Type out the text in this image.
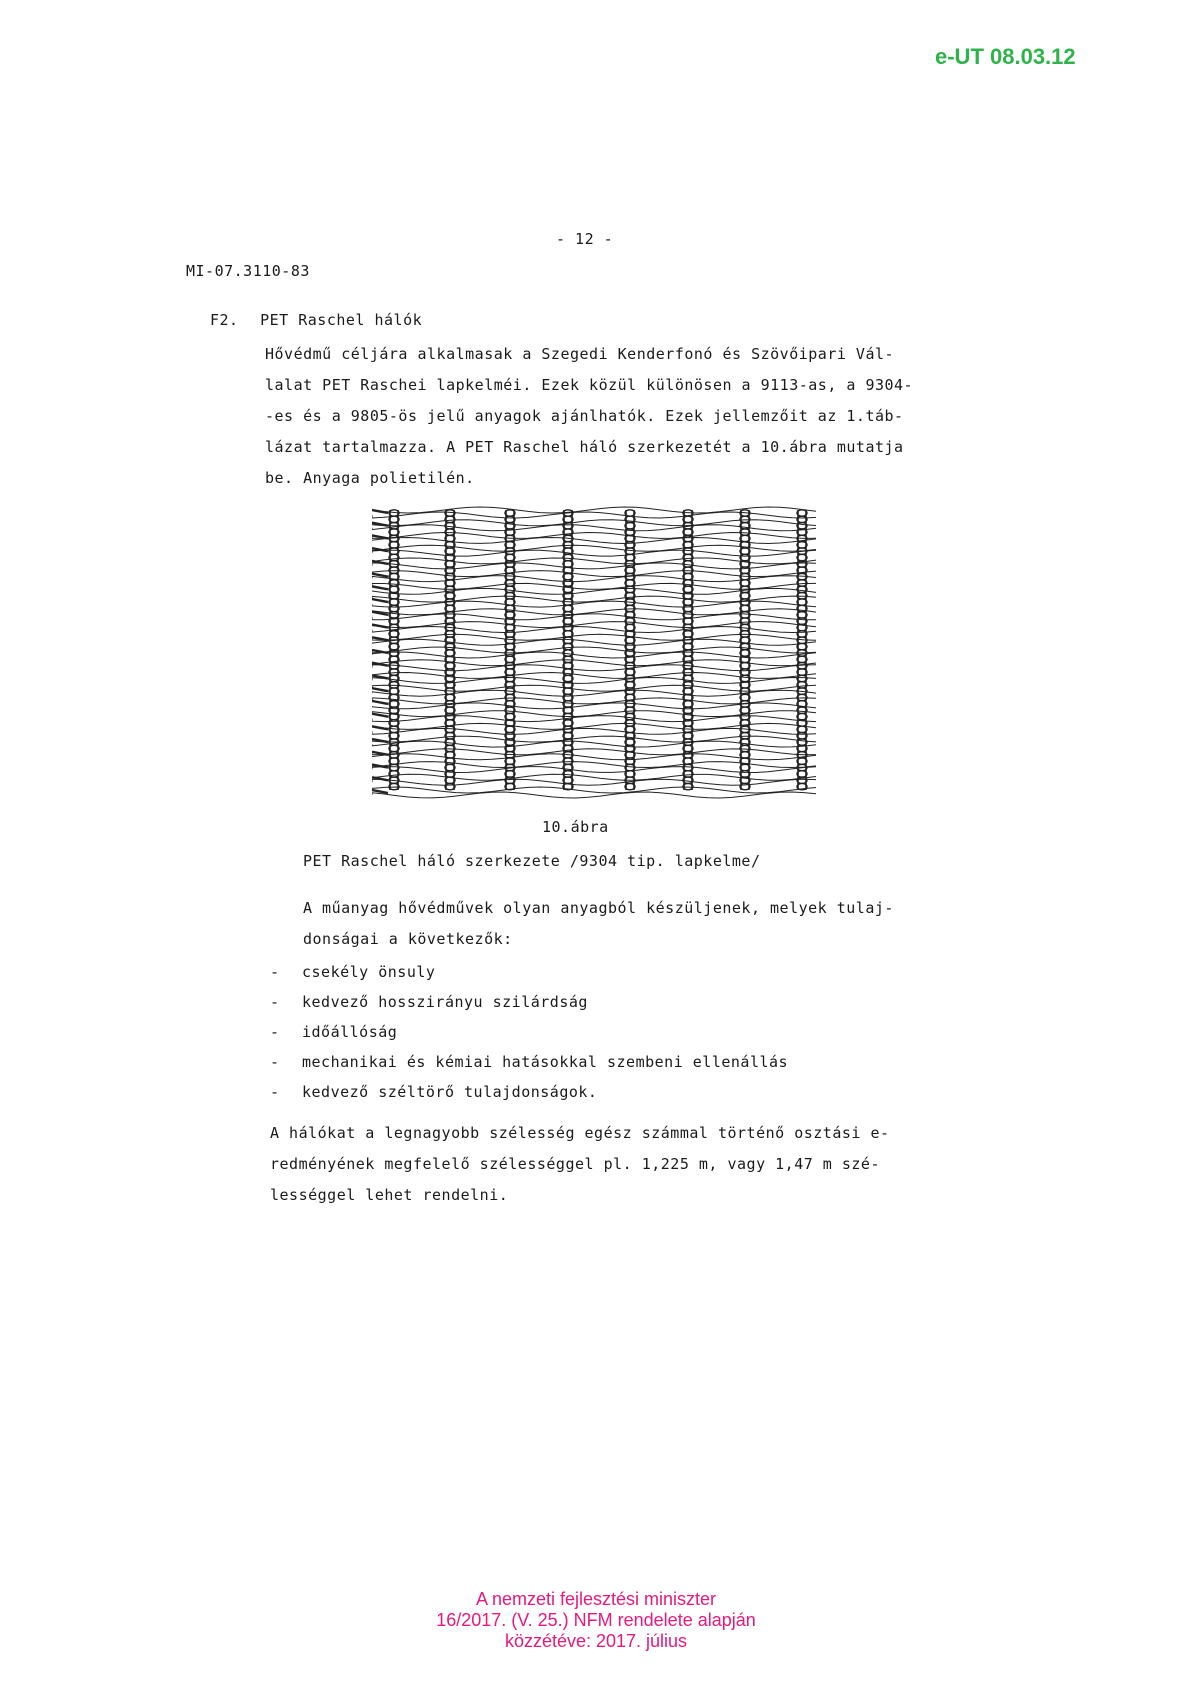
e-UT 08.03.12
- 12 -
MI-07.3110-83
F2. PET Raschel hálók
Hővédmű céljára alkalmasak a Szegedi Kenderfonó és Szövőipari Vál-
lalat PET Raschei lapkelméi. Ezek közül különösen a 9113-as, a 9304-
-es és a 9805-ös jelű anyagok ajánlhatók. Ezek jellemzőit az 1.táb-
lázat tartalmazza. A PET Raschel háló szerkezetét a 10.ábra mutatja
be. Anyaga polietilén.
10.ábra
PET Raschel háló szerkezete /9304 tip. lapkelme/
A műanyag hővédművek olyan anyagból készüljenek, melyek tulaj-
donságai a következők:
- csekély önsuly
- kedvező hosszirányu szilárdság
- időállóság
- mechanikai és kémiai hatásokkal szembeni ellenállás
- kedvező széltörő tulajdonságok.
A hálókat a legnagyobb szélesség egész számmal történő osztási e-
redményének megfelelő szélességgel pl. 1,225 m, vagy 1,47 m szé-
lességgel lehet rendelni.
A nemzeti fejlesztési miniszter
16/2017. (V. 25.) NFM rendelete alapján
közzétéve: 2017. július
